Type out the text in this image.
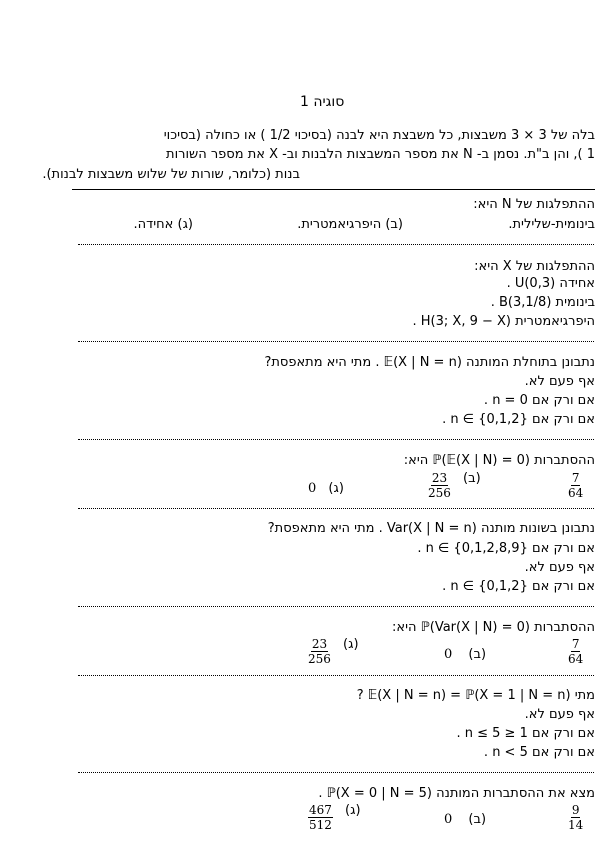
סוגיה 1
בלה של 3 × 3 משבצות, כל משבצת היא לבנה (בסיכוי 1/2 ) או כחולה (בסיכוי
1 ), והן ב"ת. נסמן ב- N את מספר המשבצות הלבנות וב- X את מספר השורות
בנות (כלומר, שורות של שלוש משבצות לבנות).
ההתפלגות של N היא:
בינומית-שלילית.
(ב) היפרגיאמטרית.
(ג) אחידה.
ההתפלגות של X היא:
אחידה U(0,3) .
בינומית B(3,1/8) .
היפרגיאמטרית H(3; X, 9 − X) .
נתבונן בתוחלת המותנה 𝔼(X | N = n) . מתי היא מתאפסת?
אף פעם לא.
אם ורק אם n = 0 .
אם ורק אם n ∈ {0,1,2} .
ההסתברות ℙ(𝔼(X | N) = 0) היא:
$\frac{7}{64}$
$\frac{23}{256}$ (ב)
0 (ג)
נתבונן בשונות מותנה Var(X | N = n) . מתי היא מתאפסת?
אם ורק אם n ∈ {0,1,2,8,9} .
אף פעם לא.
אם ורק אם n ∈ {0,1,2} .
ההסתברות ℙ(Var(X | N) = 0) היא:
$\frac{7}{64}$
0 (ב)
$\frac{23}{256}$ (ג)
מתי 𝔼(X | N = n) = ℙ(X = 1 | N = n) ?
אף פעם לא.
אם ורק אם 1 ≤ n ≤ 5 .
אם ורק אם n < 5 .
מצא את ההסתברות המותנה ℙ(X = 0 | N = 5) .
$\frac{9}{14}$
0 (ב)
$\frac{467}{512}$ (ג)
